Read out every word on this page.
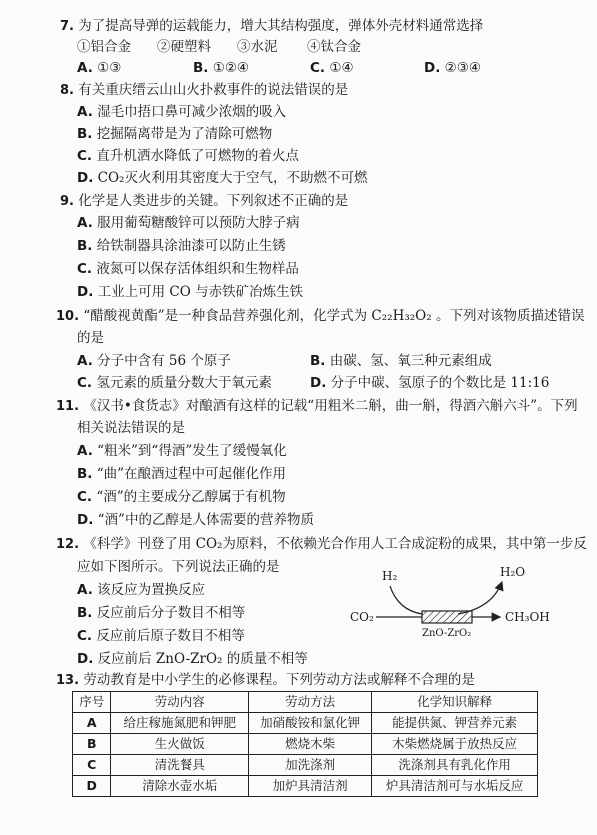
7. 为了提高导弹的运载能力，增大其结构强度，弹体外壳材料通常选择
①铝合金 ②硬塑料 ③水泥 ④钛合金
A. ①③	B. ①②④	C. ①④	D. ②③④
8. 有关重庆缙云山山火扑救事件的说法错误的是
A. 湿毛巾捂口鼻可减少浓烟的吸入
B. 挖掘隔离带是为了清除可燃物
C. 直升机洒水降低了可燃物的着火点
D. CO₂灭火利用其密度大于空气，不助燃不可燃
9. 化学是人类进步的关键。下列叙述不正确的是
A. 服用葡萄糖酸锌可以预防大脖子病
B. 给铁制器具涂油漆可以防止生锈
C. 液氮可以保存活体组织和生物样品
D. 工业上可用 CO 与赤铁矿冶炼生铁
10. “醋酸视黄酯”是一种食品营养强化剂，化学式为 C₂₂H₃₂O₂ 。下列对该物质描述错误
的是
A. 分子中含有 56 个原子	B. 由碳、氢、氧三种元素组成
C. 氢元素的质量分数大于氧元素	D. 分子中碳、氢原子的个数比是 11:16
11. 《汉书•食货志》对酿酒有这样的记载“用粗米二斛，曲一斛，得酒六斛六斗”。下列
相关说法错误的是
A. “粗米”到“得酒”发生了缓慢氧化
B. “曲”在酿酒过程中可起催化作用
C. “酒”的主要成分乙醇属于有机物
D. “酒”中的乙醇是人体需要的营养物质
12. 《科学》刊登了用 CO₂为原料，不依赖光合作用人工合成淀粉的成果，其中第一步反
应如下图所示。下列说法正确的是
A. 该反应为置换反应
B. 反应前后分子数目不相等
C. 反应前后原子数目不相等
D. 反应前后 ZnO-ZrO₂ 的质量不相等
H₂	H₂O
CO₂	CH₃OH
ZnO-ZrO₂
13. 劳动教育是中小学生的必修课程。下列劳动方法或解释不合理的是
序号	劳动内容	劳动方法	化学知识解释
A	给庄稼施氮肥和钾肥	加硝酸铵和氯化钾	能提供氮、钾营养元素
B	生火做饭	燃烧木柴	木柴燃烧属于放热反应
C	清洗餐具	加洗涤剂	洗涤剂具有乳化作用
D	清除水壶水垢	加炉具清洁剂	炉具清洁剂可与水垢反应
